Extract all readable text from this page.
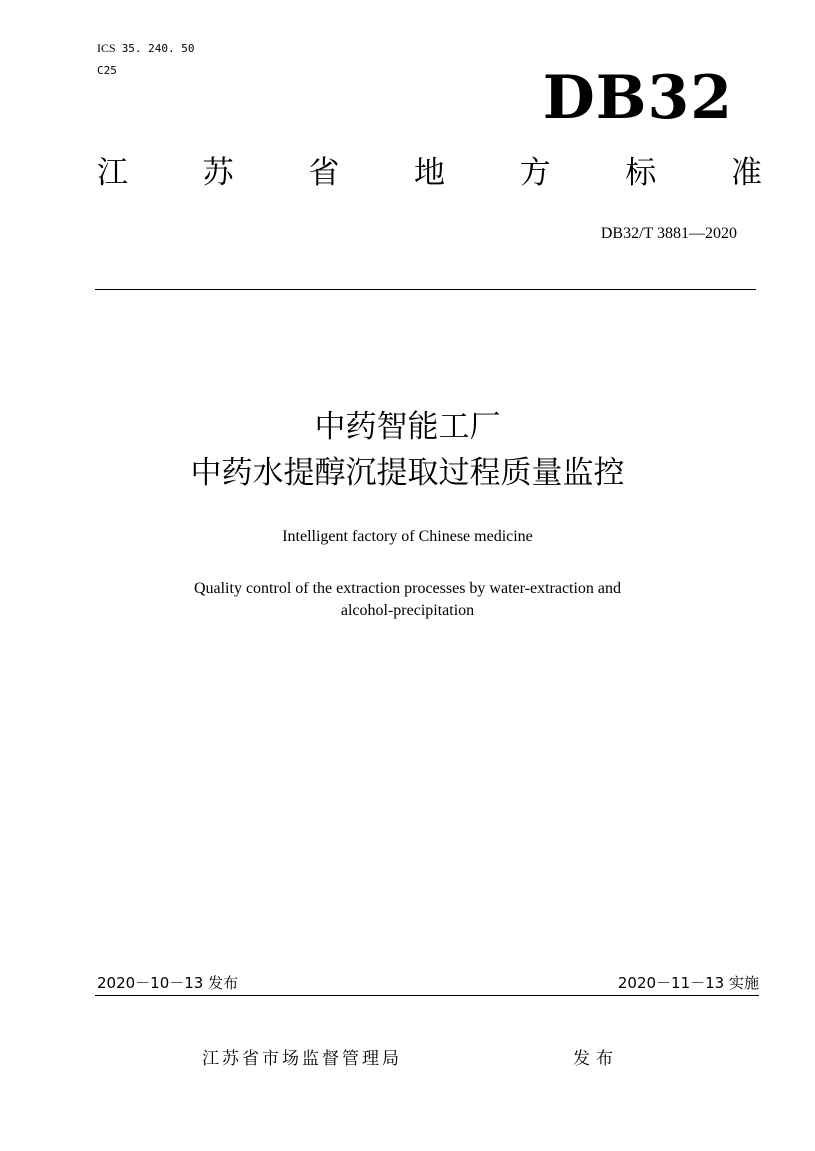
ICS 35. 240. 50
C25	DB32
江 苏 省 地 方 标 准
DB32/T 3881—2020
中药智能工厂
中药水提醇沉提取过程质量监控
Intelligent factory of Chinese medicine
Quality control of the extraction processes by water-extraction and
alcohol-precipitation
2020－10－13 发布	2020－11－13 实施
江苏省市场监督管理局	发布
